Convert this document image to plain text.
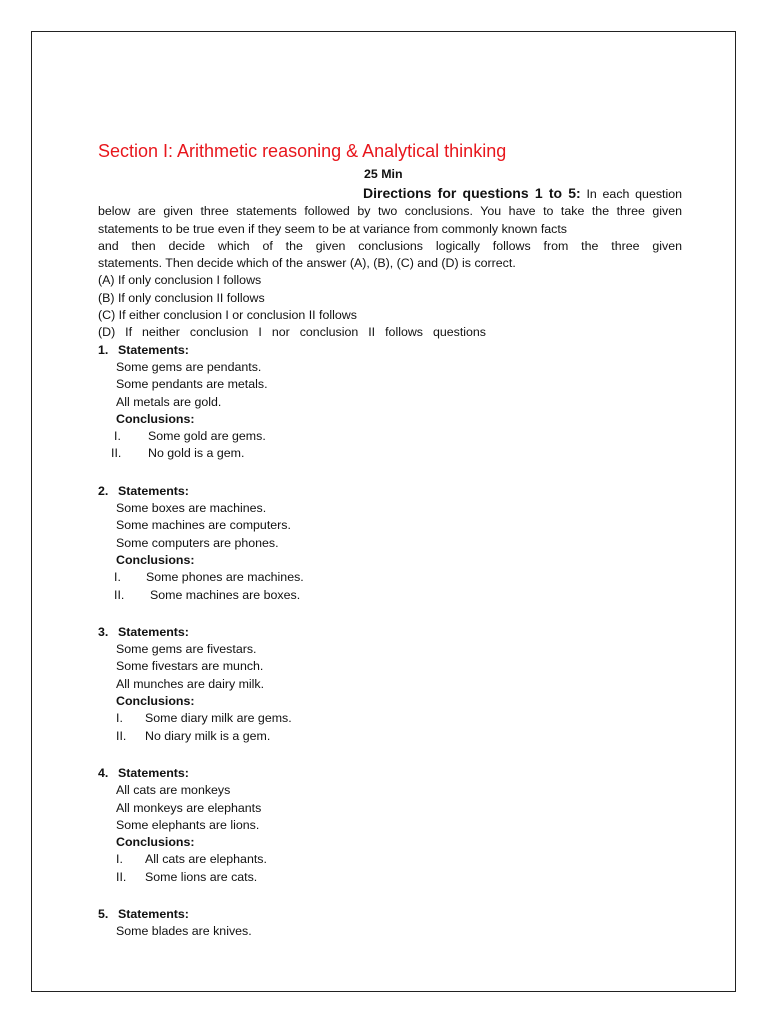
Section I: Arithmetic reasoning & Analytical thinking
25 Min
Directions for questions 1 to 5: In each question
below are given three statements followed by two conclusions. You have to take the three given
statements to be true even if they seem to be at variance from commonly known facts
and then decide which of the given conclusions logically follows from the three given
statements. Then decide which of the answer (A), (B), (C) and (D) is correct.
(A) If only conclusion I follows
(B) If only conclusion II follows
(C) If either conclusion I or conclusion II follows
(D) If neither conclusion I nor conclusion II follows questions
1. Statements:
Some gems are pendants.
Some pendants are metals.
All metals are gold.
Conclusions:
I. Some gold are gems.
II. No gold is a gem.
2. Statements:
Some boxes are machines.
Some machines are computers.
Some computers are phones.
Conclusions:
I. Some phones are machines.
II. Some machines are boxes.
3. Statements:
Some gems are fivestars.
Some fivestars are munch.
All munches are dairy milk.
Conclusions:
I. Some diary milk are gems.
II. No diary milk is a gem.
4. Statements:
All cats are monkeys
All monkeys are elephants
Some elephants are lions.
Conclusions:
I. All cats are elephants.
II. Some lions are cats.
5. Statements:
Some blades are knives.
